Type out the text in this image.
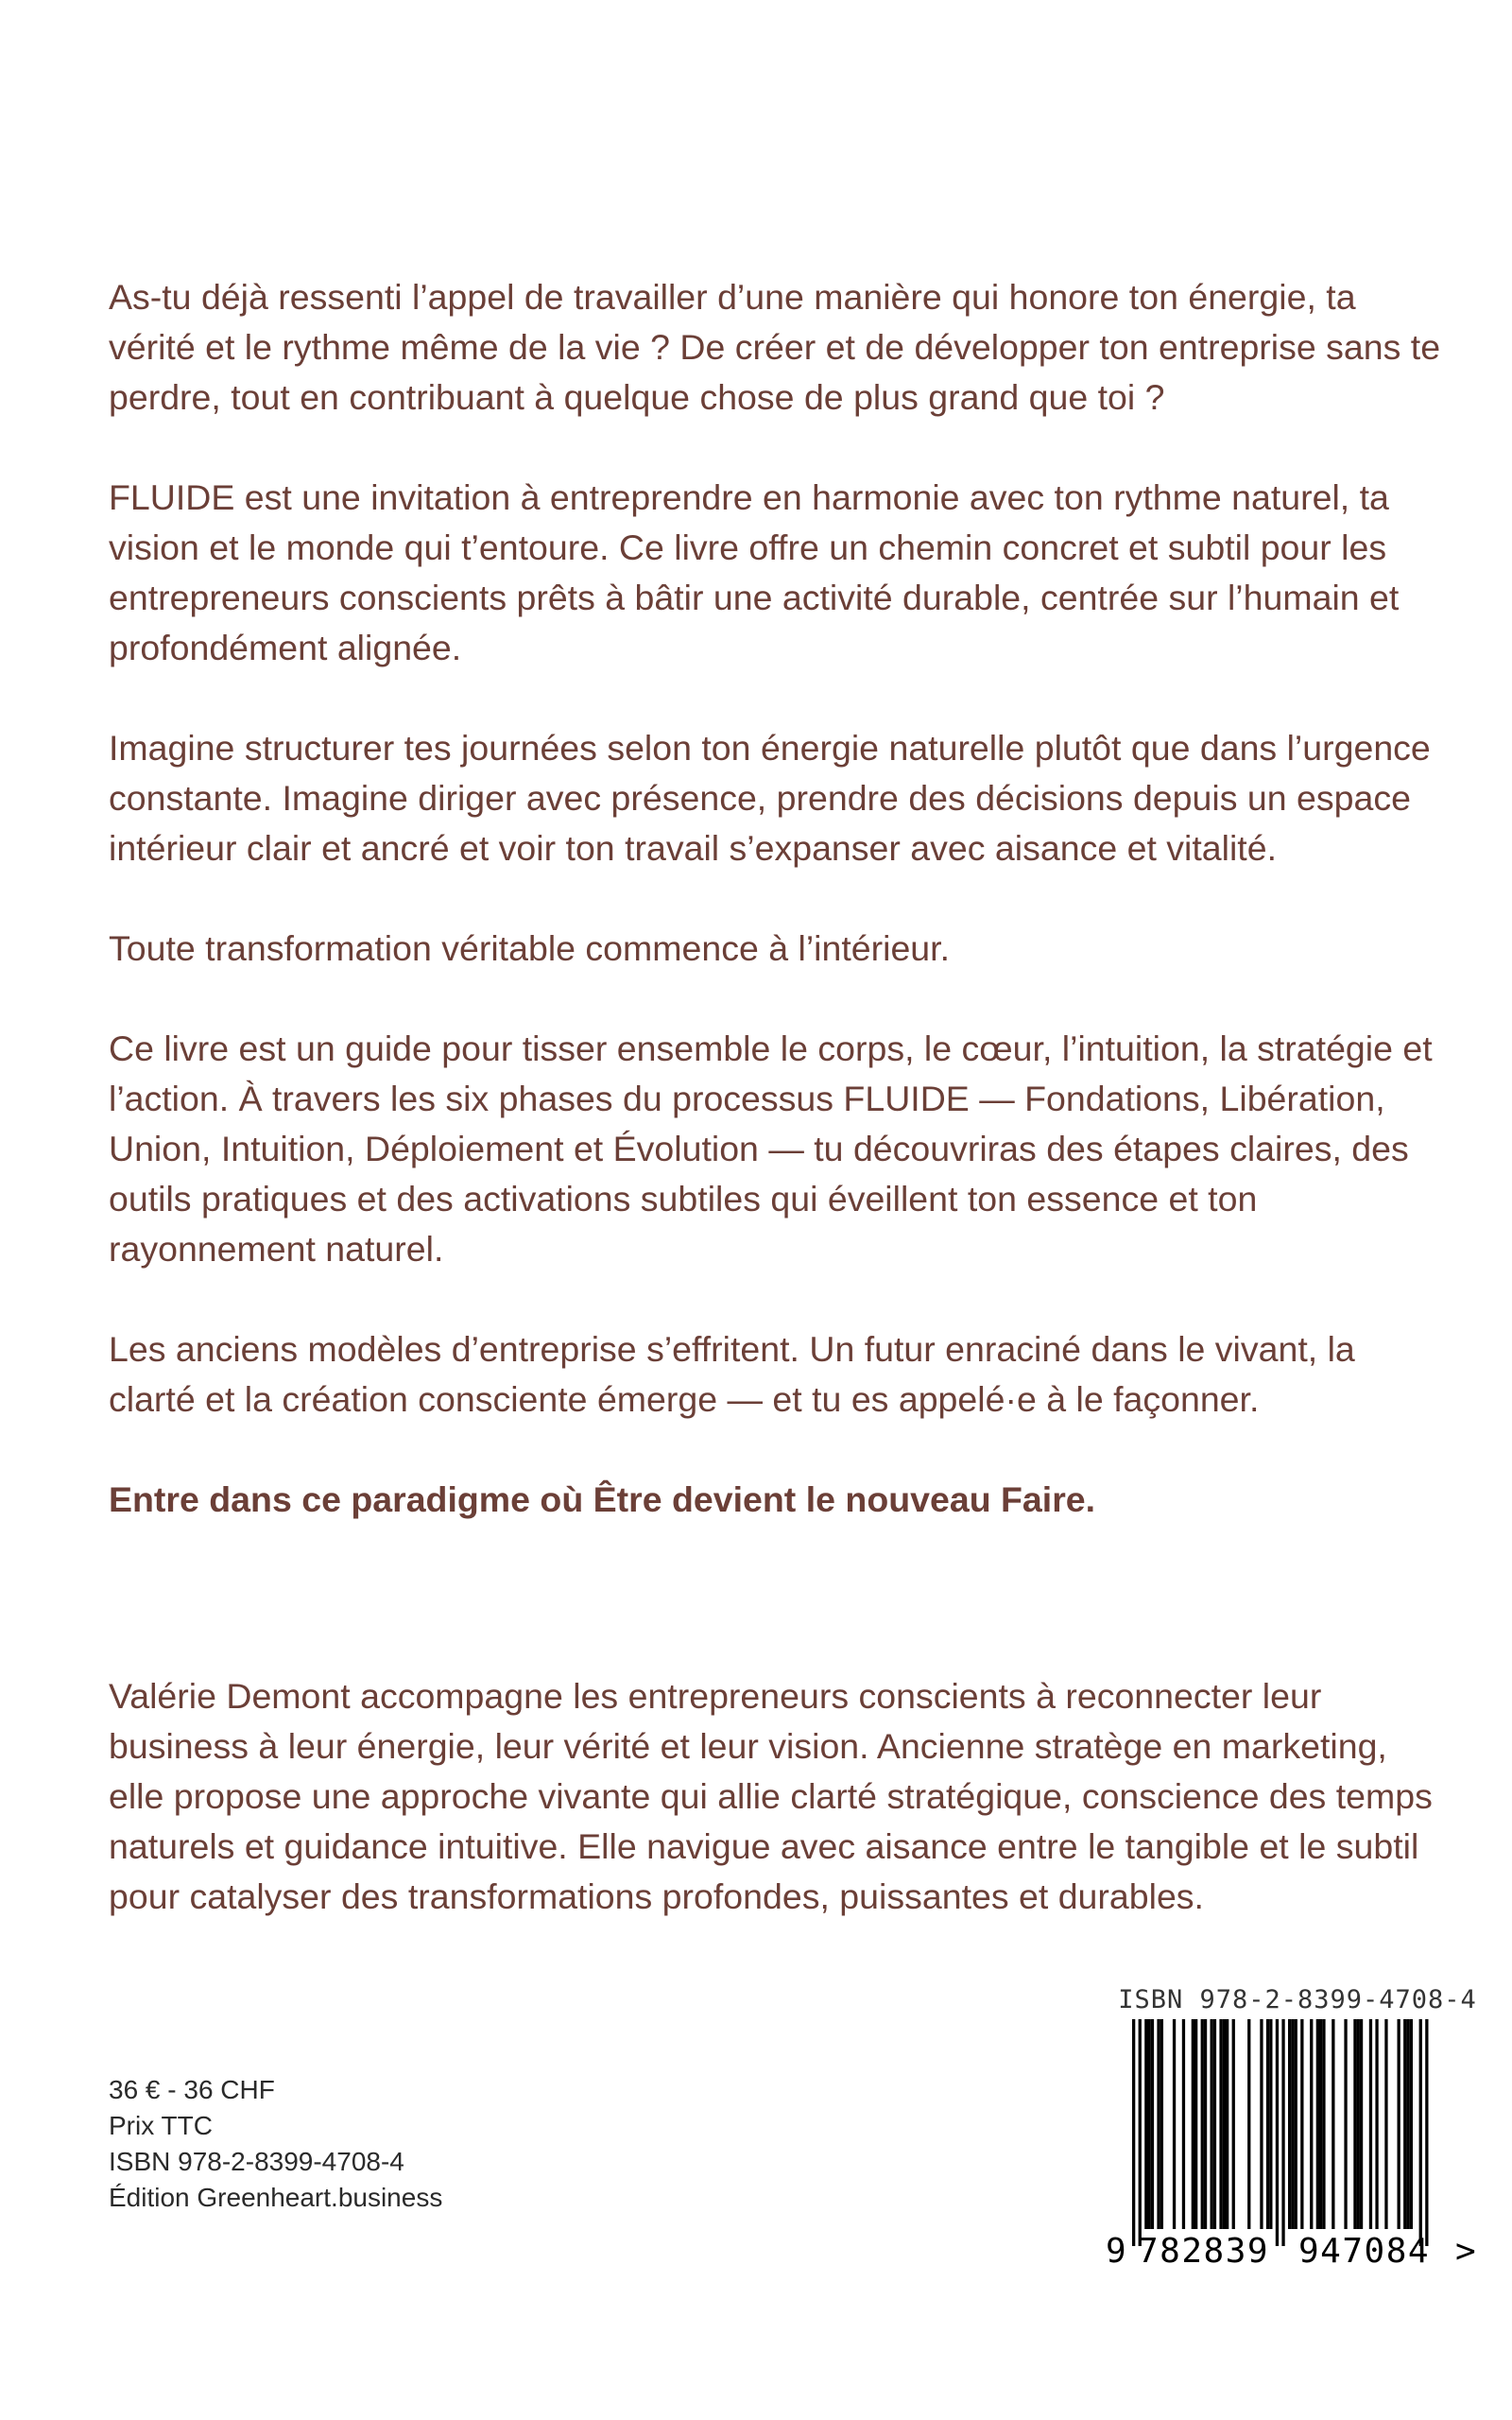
As-tu déjà ressenti l’appel de travailler d’une manière qui honore ton énergie, ta vérité et le rythme même de la vie ? De créer et de développer ton entreprise sans te perdre, tout en contribuant à quelque chose de plus grand que toi ?

FLUIDE est une invitation à entreprendre en harmonie avec ton rythme naturel, ta vision et le monde qui t’entoure. Ce livre offre un chemin concret et subtil pour les entrepreneurs conscients prêts à bâtir une activité durable, centrée sur l’humain et profondément alignée.

Imagine structurer tes journées selon ton énergie naturelle plutôt que dans l’urgence constante. Imagine diriger avec présence, prendre des décisions depuis un espace intérieur clair et ancré et voir ton travail s’expanser avec aisance et vitalité.

Toute transformation véritable commence à l’intérieur.

Ce livre est un guide pour tisser ensemble le corps, le cœur, l’intuition, la stratégie et l’action. À travers les six phases du processus FLUIDE — Fondations, Libération, Union, Intuition, Déploiement et Évolution — tu découvriras des étapes claires, des outils pratiques et des activations subtiles qui éveillent ton essence et ton rayonnement naturel.

Les anciens modèles d’entreprise s’effritent. Un futur enraciné dans le vivant, la clarté et la création consciente émerge — et tu es appelé·e à le façonner.

Entre dans ce paradigme où Être devient le nouveau Faire.

Valérie Demont accompagne les entrepreneurs conscients à reconnecter leur business à leur énergie, leur vérité et leur vision. Ancienne stratège en marketing, elle propose une approche vivante qui allie clarté stratégique, conscience des temps naturels et guidance intuitive. Elle navigue avec aisance entre le tangible et le subtil pour catalyser des transformations profondes, puissantes et durables.

36 € - 36 CHF
Prix TTC
ISBN 978-2-8399-4708-4
Édition Greenheart.business
ISBN 978-2-8399-4708-4
9 782839 947084 >
